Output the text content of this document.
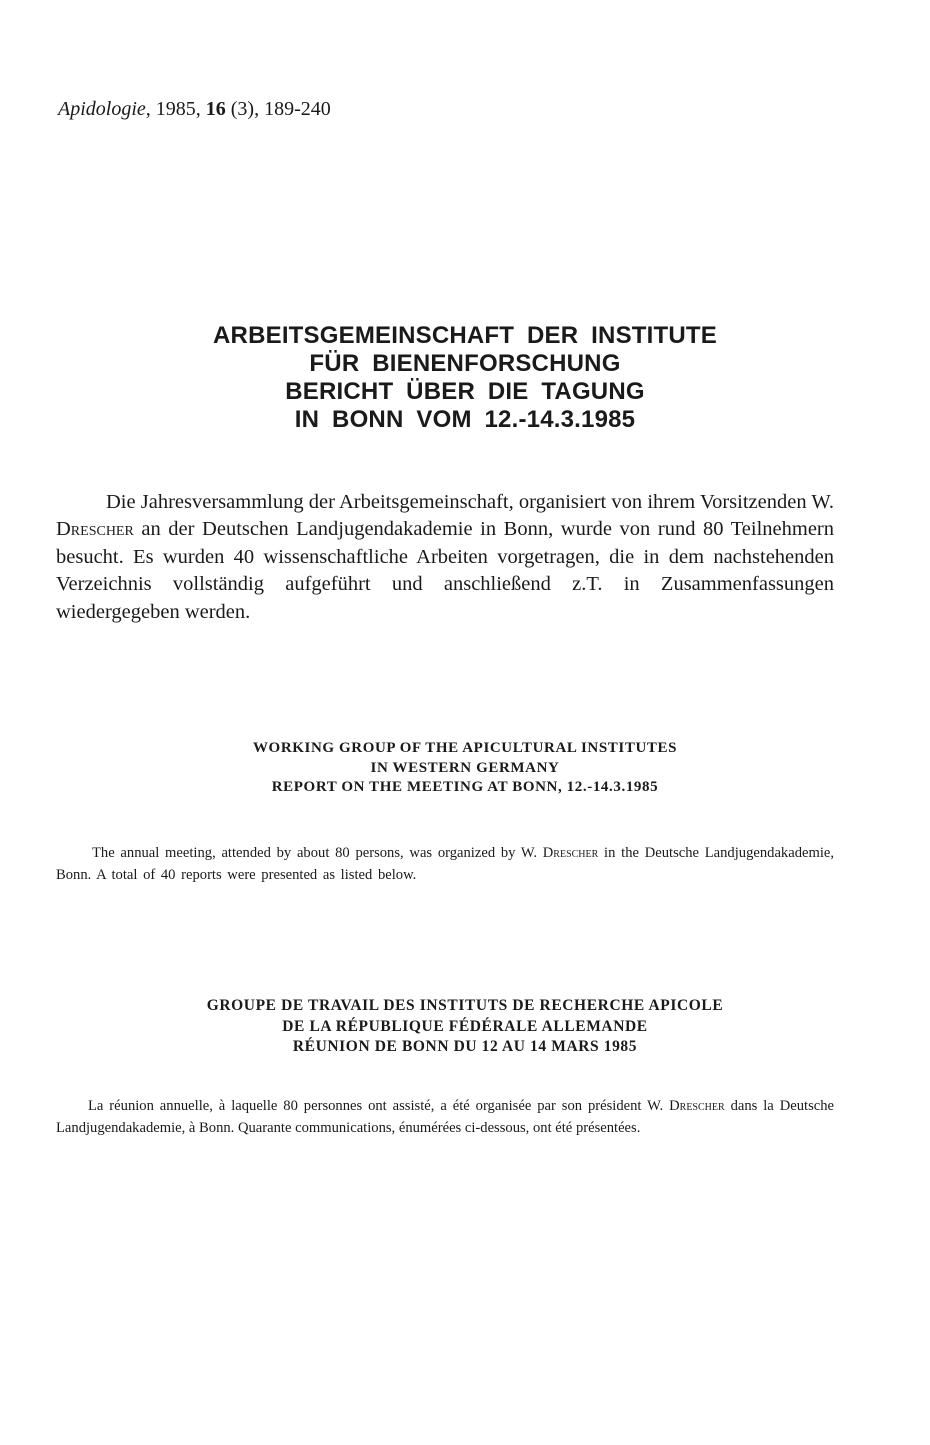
Apidologie, 1985, 16 (3), 189-240
ARBEITSGEMEINSCHAFT DER INSTITUTE
FÜR BIENENFORSCHUNG
BERICHT ÜBER DIE TAGUNG
IN BONN VOM 12.-14.3.1985

Die Jahresversammlung der Arbeitsgemeinschaft, organisiert von ihrem Vorsitzenden W. Drescher an der Deutschen Landjugendakademie in Bonn, wurde von rund 80 Teilnehmern besucht. Es wurden 40 wissenschaftliche Arbeiten vorgetragen, die in dem nachstehenden Verzeichnis vollständig aufgeführt und anschließend z.T. in Zusammenfassungen wiedergegeben werden.

WORKING GROUP OF THE APICULTURAL INSTITUTES
IN WESTERN GERMANY
REPORT ON THE MEETING AT BONN, 12.-14.3.1985

The annual meeting, attended by about 80 persons, was organized by W. Drescher in the Deutsche Landjugendakademie, Bonn. A total of 40 reports were presented as listed below.

GROUPE DE TRAVAIL DES INSTITUTS DE RECHERCHE APICOLE
DE LA RÉPUBLIQUE FÉDÉRALE ALLEMANDE
RÉUNION DE BONN DU 12 AU 14 MARS 1985

La réunion annuelle, à laquelle 80 personnes ont assisté, a été organisée par son président W. Drescher dans la Deutsche Landjugendakademie, à Bonn. Quarante communications, énumérées ci-dessous, ont été présentées.
